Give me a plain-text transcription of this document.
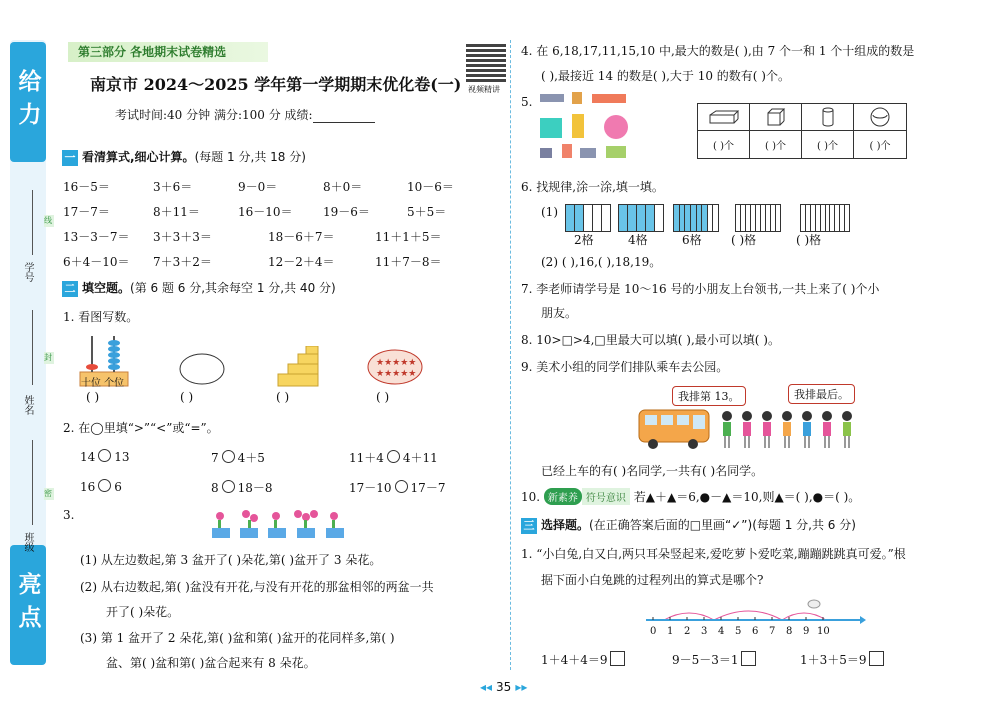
给力
亮点
学号
姓名
班级
线
封
密
第三部分 各地期末试卷精选
南京市 2024～2025 学年第一学期期末优化卷(一)
考试时间:40 分钟 满分:100 分 成绩:
视频精讲
一 看清算式,细心计算。(每题 1 分,共 18 分)
16－5＝	3＋6＝	9－0＝	8＋0＝	10－6＝
17－7＝	8＋11＝	16－10＝	19－6＝	5＋5＝
13－3－7＝ 3＋3＋3＝	18－6＋7＝	11＋1＋5＝
6＋4－10＝ 7＋3＋2＝	12－2＋4＝	11＋7－8＝
二 填空题。(第 6 题 6 分,其余每空 1 分,共 40 分)
1. 看图写数。
十位 个位
★★★★★
★★★★★
( )	( )	( )	( )
2. 在◯里填“>”“<”或“=”。
14 13	7 4＋5	11＋4 4＋11
16 6	8 18－8	17－10 17－7
3.
(1) 从左边数起,第 3 盆开了( )朵花,第( )盆开了 3 朵花。
(2) 从右边数起,第( )盆没有开花,与没有开花的那盆相邻的两盆一共
开了( )朵花。
(3) 第 1 盆开了 2 朵花,第( )盆和第( )盆开的花同样多,第( )
盆、第( )盆和第( )盆合起来有 8 朵花。
4. 在 6,18,17,11,15,10 中,最大的数是( ),由 7 个一和 1 个十组成的数是
( ),最接近 14 的数是( ),大于 10 的数有( )个。
5.
( )个	( )个	( )个	( )个
6. 找规律,涂一涂,填一填。
(1)
2格	4格	6格 ( )格	( )格
(2) ( ),16,( ),18,19。
7. 李老师请学号是 10～16 号的小朋友上台领书,一共上来了( )个小
朋友。
8. 10>□>4,□里最大可以填( ),最小可以填( )。
9. 美术小组的同学们排队乘车去公园。
我排第 13。	我排最后。
已经上车的有( )名同学,一共有( )名同学。
10. 新素养 符号意识 若▲＋▲＝6,●－▲＝10,则▲＝( ),●＝( )。
三 选择题。(在正确答案后面的□里画“✓”)(每题 1 分,共 6 分)
1. “小白兔,白又白,两只耳朵竖起来,爱吃萝卜爱吃菜,蹦蹦跳跳真可爱。”根
据下面小白兔跳的过程列出的算式是哪个?
0 1 2 3 4 5 6 7 8 9 10
1＋4＋4＝9	9－5－3＝1	1＋3＋5＝9
◂◂ 35 ▸▸
